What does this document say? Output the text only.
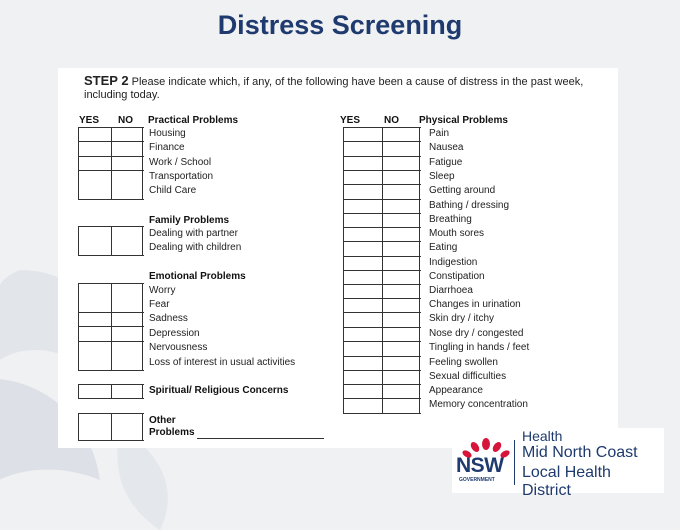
Distress Screening
STEP 2 Please indicate which, if any, of the following have been a cause of distress in the past week, including today.
YES NO Practical Problems	YES NO Physical Problems
Housing
Finance
Work / School
Transportation
Child Care
Family Problems
Dealing with partner
Dealing with children
Emotional Problems
Worry
Fear
Sadness
Depression
Nervousness
Loss of interest in usual activities
Spiritual/ Religious Concerns
Other
Problems
Pain
Nausea
Fatigue
Sleep
Getting around
Bathing / dressing
Breathing
Mouth sores
Eating
Indigestion
Constipation
Diarrhoea
Changes in urination
Skin dry / itchy
Nose dry / congested
Tingling in hands / feet
Feeling swollen
Sexual difficulties
Appearance
Memory concentration
NSW
GOVERNMENT
Health
Mid North Coast
Local Health District
